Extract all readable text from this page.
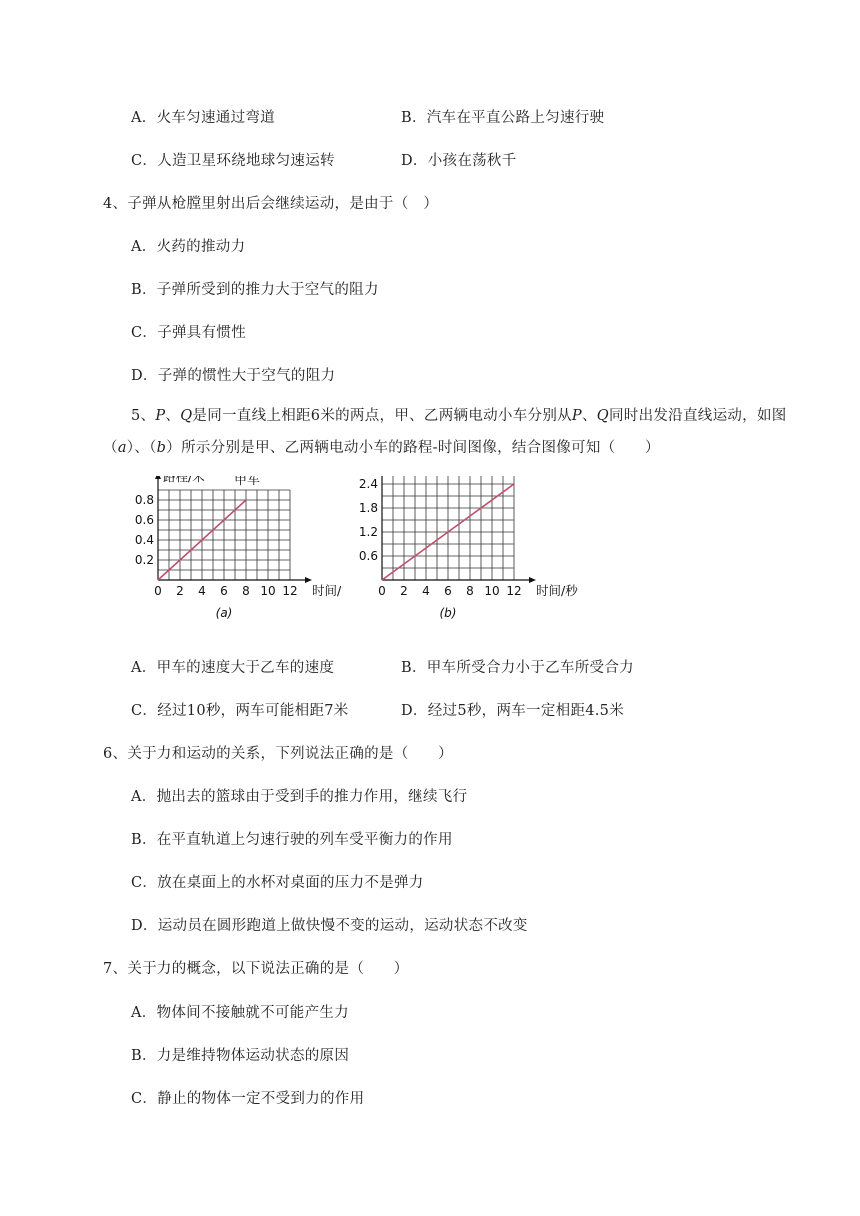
A．火车匀速通过弯道	B．汽车在平直公路上匀速行驶
C．人造卫星环绕地球匀速运转	D．小孩在荡秋千
4、子弹从枪膛里射出后会继续运动，是由于（　）
A．火药的推动力
B．子弹所受到的推力大于空气的阻力
C．子弹具有惯性
D．子弹的惯性大于空气的阻力
5、P、Q是同一直线上相距6米的两点，甲、乙两辆电动小车分别从P、Q同时出发沿直线运动，如图（a）、（b）所示分别是甲、乙两辆电动小车的路程-时间图像，结合图像可知（　　）
0 2 4 6 8 10 12
0.2
0.4
0.6
0.8
路程/米
时间/
甲车
(a)
0 2 4 6 8 10 12
0.6
1.2
1.8
2.4
时间/秒
(b)
A．甲车的速度大于乙车的速度	B．甲车所受合力小于乙车所受合力
C．经过10秒，两车可能相距7米	D．经过5秒，两车一定相距4.5米
6、关于力和运动的关系，下列说法正确的是（　　）
A．抛出去的篮球由于受到手的推力作用，继续飞行
B．在平直轨道上匀速行驶的列车受平衡力的作用
C．放在桌面上的水杯对桌面的压力不是弹力
D．运动员在圆形跑道上做快慢不变的运动，运动状态不改变
7、关于力的概念，以下说法正确的是（　　）
A．物体间不接触就不可能产生力
B．力是维持物体运动状态的原因
C．静止的物体一定不受到力的作用
